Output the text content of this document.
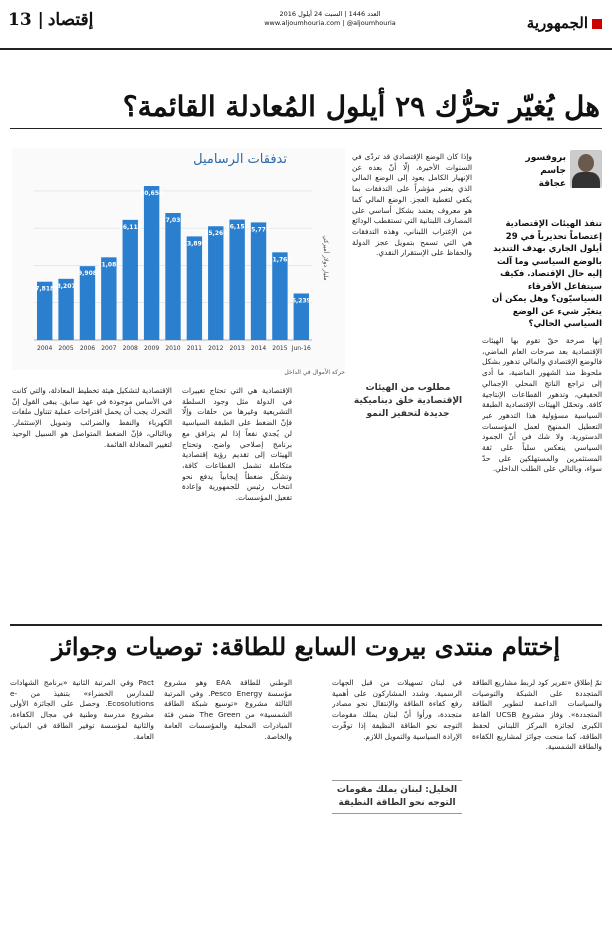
الجمهورية
العدد 1446 | السبت 24 أيلول 2016
www.aljoumhouria.com | @aljoumhouria
13 | إقتصاد
هل يُغيّر تحرُّك ٢٩ أيلول المُعادلة القائمة؟
بروفسور
جاسم عجاقة
تنفذ الهيئات الإقتصادية إعتصاماً تحذيرياً في 29 أيلول الجاري بهدف التنديد بالوضع السياسي وما آلت إليه حال الإقتصاد. فكيف سيتفاعل الأفرقاء السياسيّون؟ وهل يمكن أن يتغيّر شيء عن الوضع السياسي الحالي؟

إنها صرخة حقّ تقوم بها الهيئات الإقتصادية بعد صرخات العام الماضي، فالوضع الإقتصادي والمالي تدهور بشكل ملحوظ منذ الشهور الماضية، ما أدى إلى تراجع الناتج المحلي الإجمالي الحقيقي، وتدهور القطاعات الإنتاجية كافة. وتحمّل الهيئات الإقتصادية الطبقة السياسية مسؤولية هذا التدهور عبر التعطيل الممنهج لعمل المؤسسات الدستورية. ولا شك في أنّ الجمود السياسي ينعكس سلباً على ثقة المستثمرين والمستهلكين على حدّ سواء، وبالتالي على الطلب الداخلي.

وإذا كان الوضع الإقتصادي قد تردّى في السنوات الأخيرة، إلّا أنّ بعده عن الإنهيار الكامل يعود إلى الوضع المالي الذي يعتبر مؤشراً على التدفقات بما يكفي لتغطية العجز. الوضع المالي كما هو معروف يعتمد بشكل أساسي على المصارف اللبنانية التي تستقطب الودائع من الإغتراب اللبناني، وهذه التدفقات هي التي تسمح بتمويل عجز الدولة والحفاظ على الإستقرار النقدي.

مطلوب من الهيئات الإقتصادية خلق ديناميكية جديدة لتحفيز النمو
تدفقات الرساميل
7,818
2004
8,207
2005
9,908
2006
11,089
2007
16,118
2008
20,654
2009
17,035
2010
13,897
2011
15,260
2012
16,157
2013
15,774
2014
11,763
2015
6,239
Jun-16
مليار دولار أميركي
حركة الأموال في الداخل

الإقتصادية هي التي تحتاج تغييرات في الدولة مثل وجود السلطة التشريعية وغيرها من حلقات وإلّا فإنّ الضغط على الطبقة السياسية لن يُجدي نفعاً إذا لم يترافق مع برنامج إصلاحي واضح. وتحتاج الهيئات إلى تقديم رؤية إقتصادية متكاملة تشمل القطاعات كافة، وتشكّل ضغطاً إيجابياً يدفع نحو انتخاب رئيس للجمهورية وإعادة تفعيل المؤسسات.

الإقتصادية لتشكيل هيئة تخطيط المعادلة، والتي كانت في الأساس موجودة في عهد سابق. يبقى القول إنّ التحرك يجب أن يحمل اقتراحات عملية تتناول ملفات الكهرباء والنفط والضرائب وتمويل الإستثمار. وبالتالي، فإنّ الضغط المتواصل هو السبيل الوحيد لتغيير المعادلة القائمة.

إختتام منتدى بيروت السابع للطاقة: توصيات وجوائز

تمّ إطلاق «تقرير كود لربط مشاريع الطاقة المتجددة على الشبكة والتوصيات والسياسات الداعمة لتطوير الطاقة المتجددة». وفاز مشروع UCSB القاعة الكبرى لجائزة المركز اللبناني لحفظ الطاقة، كما منحت جوائز لمشاريع الكفاءة والطاقة الشمسية.

في لبنان تسهيلات من قبل الجهات الرسمية. وشدد المشاركون على أهمية رفع كفاءة الطاقة والإنتقال نحو مصادر متجددة، ورأوا أنّ لبنان يملك مقومات التوجه نحو الطاقة النظيفة إذا توفّرت الإرادة السياسية والتمويل اللازم.

الخليل: لبنان يملك مقومات التوجه نحو الطاقة النظيفة

الوطني للطاقة EAA وهو مشروع مؤسسة Pesco Energy. وفي المرتبة الثالثة مشروع «توسيع شبكة الطاقة الشمسية» من The Green ضمن فئة المبادرات المحلية والمؤسسات العامة والخاصة.

Pact وفي المرتبة الثانية «برنامج الشهادات للمدارس الخضراء» بتنفيذ من e-Ecosolutions. وحصل على الجائزة الأولى مشروع مدرسة وطنية في مجال الكفاءة، والثانية لمؤسسة توفير الطاقة في المباني العامة.
